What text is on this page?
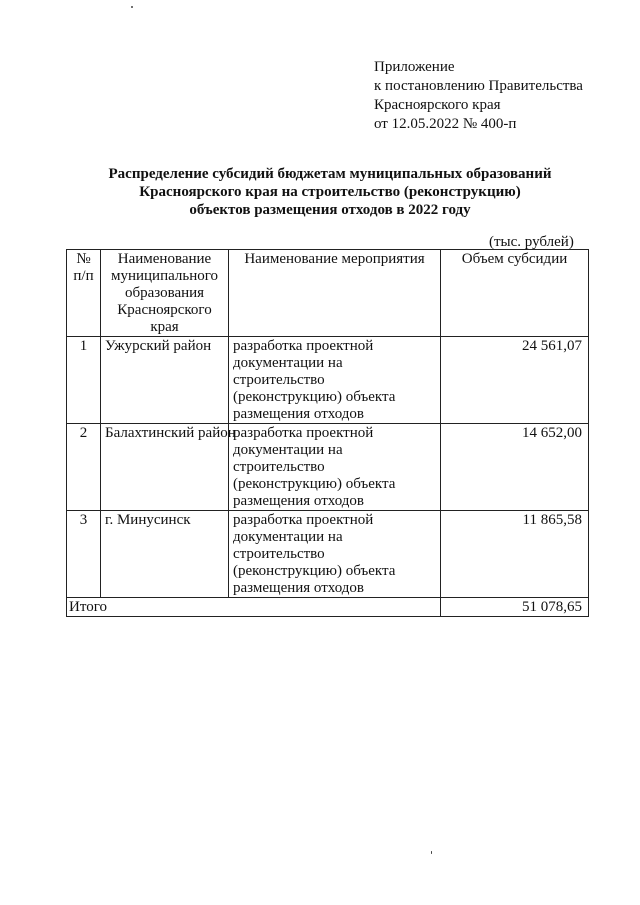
Приложение
к постановлению Правительства
Красноярского края
от 12.05.2022 № 400-п
Распределение субсидий бюджетам муниципальных образований
Красноярского края на строительство (реконструкцию)
объектов размещения отходов в 2022 году
(тыс. рублей)
№ п/п	Наименование муниципального образования Красноярского края	Наименование мероприятия	Объем субсидии
1	Ужурский район	разработка проектной документации на строительство (реконструкцию) объекта размещения отходов	24 561,07
2	Балахтинский район	разработка проектной документации на строительство (реконструкцию) объекта размещения отходов	14 652,00
3	г. Минусинск	разработка проектной документации на строительство (реконструкцию) объекта размещения отходов	11 865,58
Итого			51 078,65
